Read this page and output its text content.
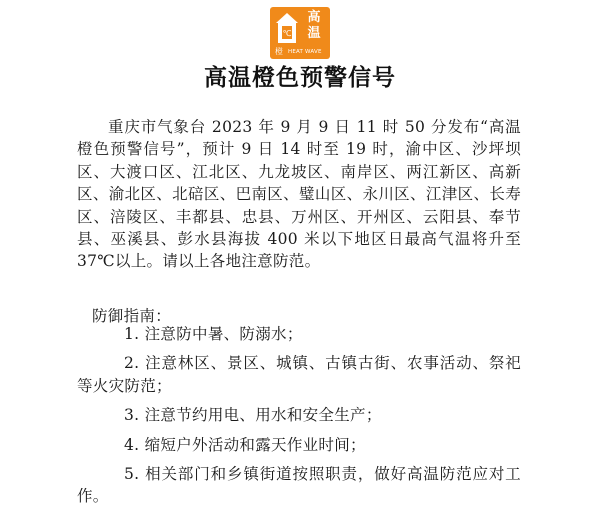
℃
高
温
橙 HEAT WAVE
高温橙色预警信号

重庆市气象台 2023 年 9 月 9 日 11 时 50 分发布“高温橙色预警信号”，预计 9 日 14 时至 19 时，渝中区、沙坪坝区、大渡口区、江北区、九龙坡区、南岸区、两江新区、高新区、渝北区、北碚区、巴南区、璧山区、永川区、江津区、长寿区、涪陵区、丰都县、忠县、万州区、开州区、云阳县、奉节县、巫溪县、彭水县海拔 400 米以下地区日最高气温将升至 37℃以上。请以上各地注意防范。

防御指南：
1. 注意防中暑、防溺水；
2. 注意林区、景区、城镇、古镇古街、农事活动、祭祀等火灾防范；
3. 注意节约用电、用水和安全生产；
4. 缩短户外活动和露天作业时间；
5. 相关部门和乡镇街道按照职责，做好高温防范应对工作。
